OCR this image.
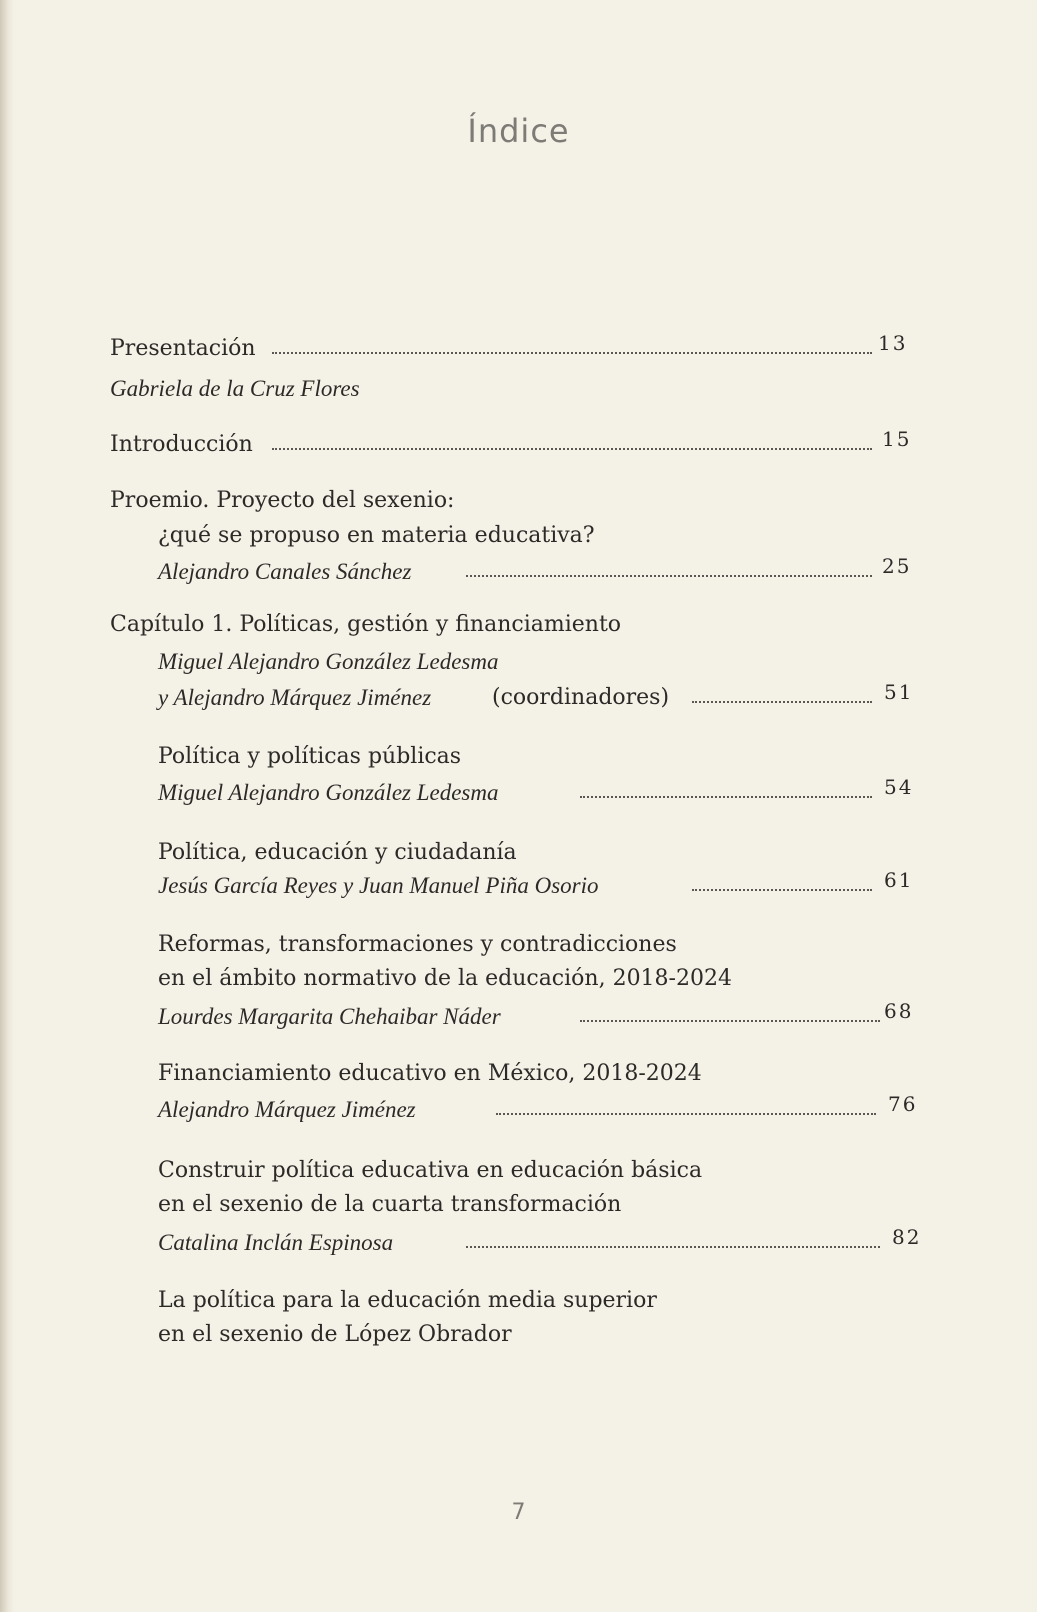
Índice
Presentación	13
Gabriela de la Cruz Flores
Introducción	15
Proemio. Proyecto del sexenio:
¿qué se propuso en materia educativa?
Alejandro Canales Sánchez	25
Capítulo 1. Políticas, gestión y financiamiento
Miguel Alejandro González Ledesma
y Alejandro Márquez Jiménez	(coordinadores)	51
Política y políticas públicas
Miguel Alejandro González Ledesma	54
Política, educación y ciudadanía
Jesús García Reyes y Juan Manuel Piña Osorio	61
Reformas, transformaciones y contradicciones
en el ámbito normativo de la educación, 2018-2024
Lourdes Margarita Chehaibar Náder	68
Financiamiento educativo en México, 2018-2024
Alejandro Márquez Jiménez	76
Construir política educativa en educación básica
en el sexenio de la cuarta transformación
Catalina Inclán Espinosa	82
La política para la educación media superior
en el sexenio de López Obrador
7
